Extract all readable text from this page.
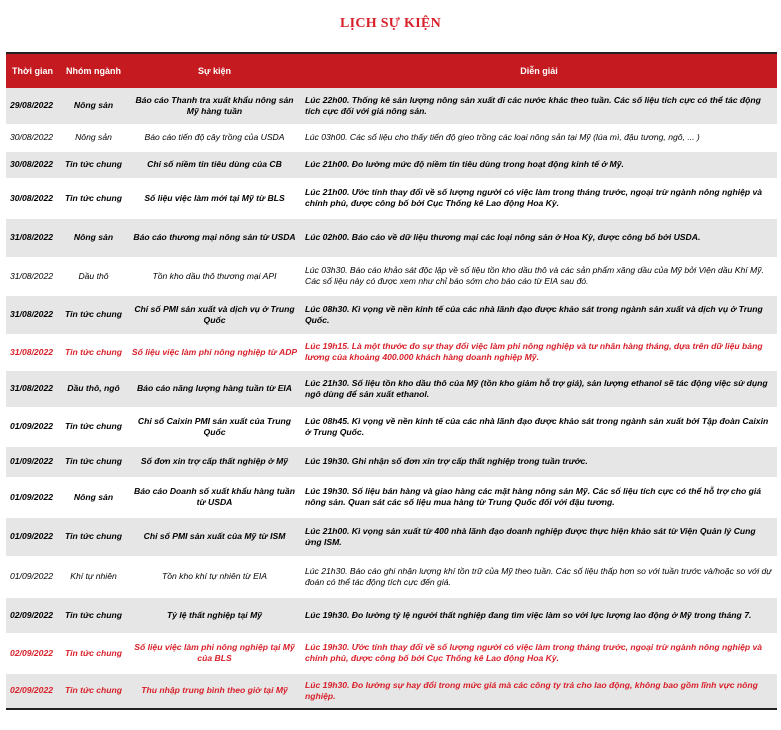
LỊCH SỰ KIỆN
Thời gian	Nhóm ngành	Sự kiện	Diễn giải
29/08/2022	Nông sản	Báo cáo Thanh tra xuất khẩu nông sản Mỹ hàng tuần	Lúc 22h00. Thống kê sản lượng nông sản xuất đi các nước khác theo tuần. Các số liệu tích cực có thể tác động tích cực đối với giá nông sản.
30/08/2022	Nông sản	Báo cáo tiến độ cây trồng của USDA	Lúc 03h00. Các số liệu cho thấy tiến độ gieo trồng các loại nông sản tại Mỹ (lúa mì, đậu tương, ngô, ... )
30/08/2022	Tin tức chung	Chỉ số niềm tin tiêu dùng của CB	Lúc 21h00. Đo lường mức độ niềm tin tiêu dùng trong hoạt động kinh tế ở Mỹ.
30/08/2022	Tin tức chung	Số liệu việc làm mới tại Mỹ từ BLS	Lúc 21h00. Ước tính thay đổi về số lượng người có việc làm trong tháng trước, ngoại trừ ngành nông nghiệp và chính phủ, được công bố bởi Cục Thống kê Lao động Hoa Kỳ.
31/08/2022	Nông sản	Báo cáo thương mại nông sản từ USDA	Lúc 02h00. Báo cáo về dữ liệu thương mại các loại nông sản ở Hoa Kỳ, được công bố bởi USDA.
31/08/2022	Dầu thô	Tồn kho dầu thô thương mại API	Lúc 03h30. Báo cáo khảo sát độc lập về số liệu tồn kho dầu thô và các sản phẩm xăng dầu của Mỹ bởi Viện dầu Khí Mỹ. Các số liệu này có được xem như chỉ báo sớm cho báo cáo từ EIA sau đó.
31/08/2022	Tin tức chung	Chỉ số PMI sản xuất và dịch vụ ở Trung Quốc	Lúc 08h30. Kì vọng về nền kinh tế của các nhà lãnh đạo được khảo sát trong ngành sản xuất và dịch vụ ở Trung Quốc.
31/08/2022	Tin tức chung	Số liệu việc làm phi nông nghiệp từ ADP	Lúc 19h15. Là một thước đo sự thay đổi việc làm phi nông nghiệp và tư nhân hàng tháng, dựa trên dữ liệu bảng lương của khoảng 400.000 khách hàng doanh nghiệp Mỹ.
31/08/2022	Dầu thô, ngô	Báo cáo năng lượng hàng tuần từ EIA	Lúc 21h30. Số liệu tồn kho dầu thô của Mỹ (tồn kho giảm hỗ trợ giá), sản lượng ethanol sẽ tác động việc sử dụng ngô dùng để sản xuất ethanol.
01/09/2022	Tin tức chung	Chỉ số Caixin PMI sản xuất của Trung Quốc	Lúc 08h45. Kì vọng về nền kinh tế của các nhà lãnh đạo được khảo sát trong ngành sản xuất bởi Tập đoàn Caixin ở Trung Quốc.
01/09/2022	Tin tức chung	Số đơn xin trợ cấp thất nghiệp ở Mỹ	Lúc 19h30. Ghi nhận số đơn xin trợ cấp thất nghiệp trong tuần trước.
01/09/2022	Nông sản	Báo cáo Doanh số xuất khẩu hàng tuần từ USDA	Lúc 19h30. Số liệu bán hàng và giao hàng các mặt hàng nông sản Mỹ. Các số liệu tích cực có thể hỗ trợ cho giá nông sản. Quan sát các số liệu mua hàng từ Trung Quốc đối với đậu tương.
01/09/2022	Tin tức chung	Chỉ số PMI sản xuất của Mỹ từ ISM	Lúc 21h00. Kì vọng sản xuất từ 400 nhà lãnh đạo doanh nghiệp được thực hiện khảo sát từ Viện Quản lý Cung ứng ISM.
01/09/2022	Khí tự nhiên	Tồn kho khí tự nhiên từ EIA	Lúc 21h30. Báo cáo ghi nhận lượng khí tồn trữ của Mỹ theo tuần. Các số liệu thấp hơn so với tuần trước và/hoặc so với dự đoán có thể tác động tích cực đến giá.
02/09/2022	Tin tức chung	Tỷ lệ thất nghiệp tại Mỹ	Lúc 19h30. Đo lường tỷ lệ người thất nghiệp đang tìm việc làm so với lực lượng lao động ở Mỹ trong tháng 7.
02/09/2022	Tin tức chung	Số liệu việc làm phi nông nghiệp tại Mỹ của BLS	Lúc 19h30. Ước tính thay đổi về số lượng người có việc làm trong tháng trước, ngoại trừ ngành nông nghiệp và chính phủ, được công bố bởi Cục Thống kê Lao động Hoa Kỳ.
02/09/2022	Tin tức chung	Thu nhập trung bình theo giờ tại Mỹ	Lúc 19h30. Đo lường sự hay đổi trong mức giá mà các công ty trả cho lao động, không bao gồm lĩnh vực nông nghiệp.
